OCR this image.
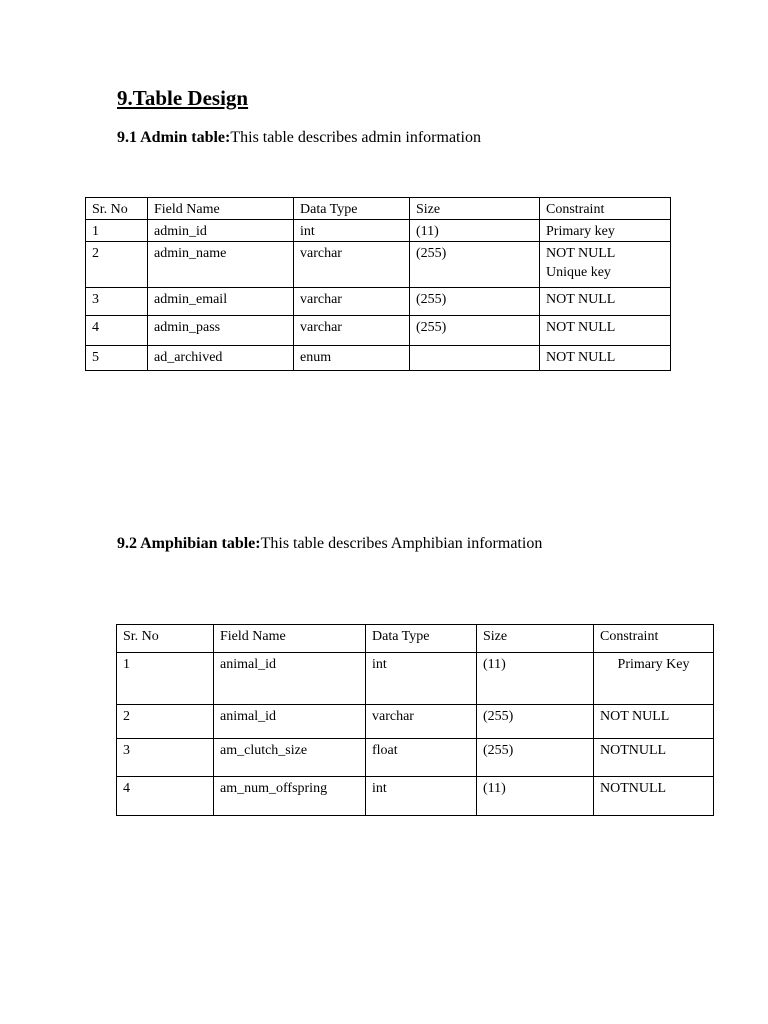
9.Table Design

9.1 Admin table:This table describes admin information

Sr. No	Field Name	Data Type	Size	Constraint
1	admin_id	int	(11)	Primary key
2	admin_name	varchar	(255)	NOT NULL
Unique key

3	admin_email	varchar	(255)	NOT NULL
4	admin_pass	varchar	(255)	NOT NULL
5	ad_archived	enum		NOT NULL

9.2 Amphibian table:This table describes Amphibian information

Sr. No	Field Name	Data Type	Size	Constraint
1	animal_id	int	(11)	Primary Key
2	animal_id	varchar	(255)	NOT NULL
3	am_clutch_size	float	(255)	NOTNULL
4	am_num_offspring	int	(11)	NOTNULL
